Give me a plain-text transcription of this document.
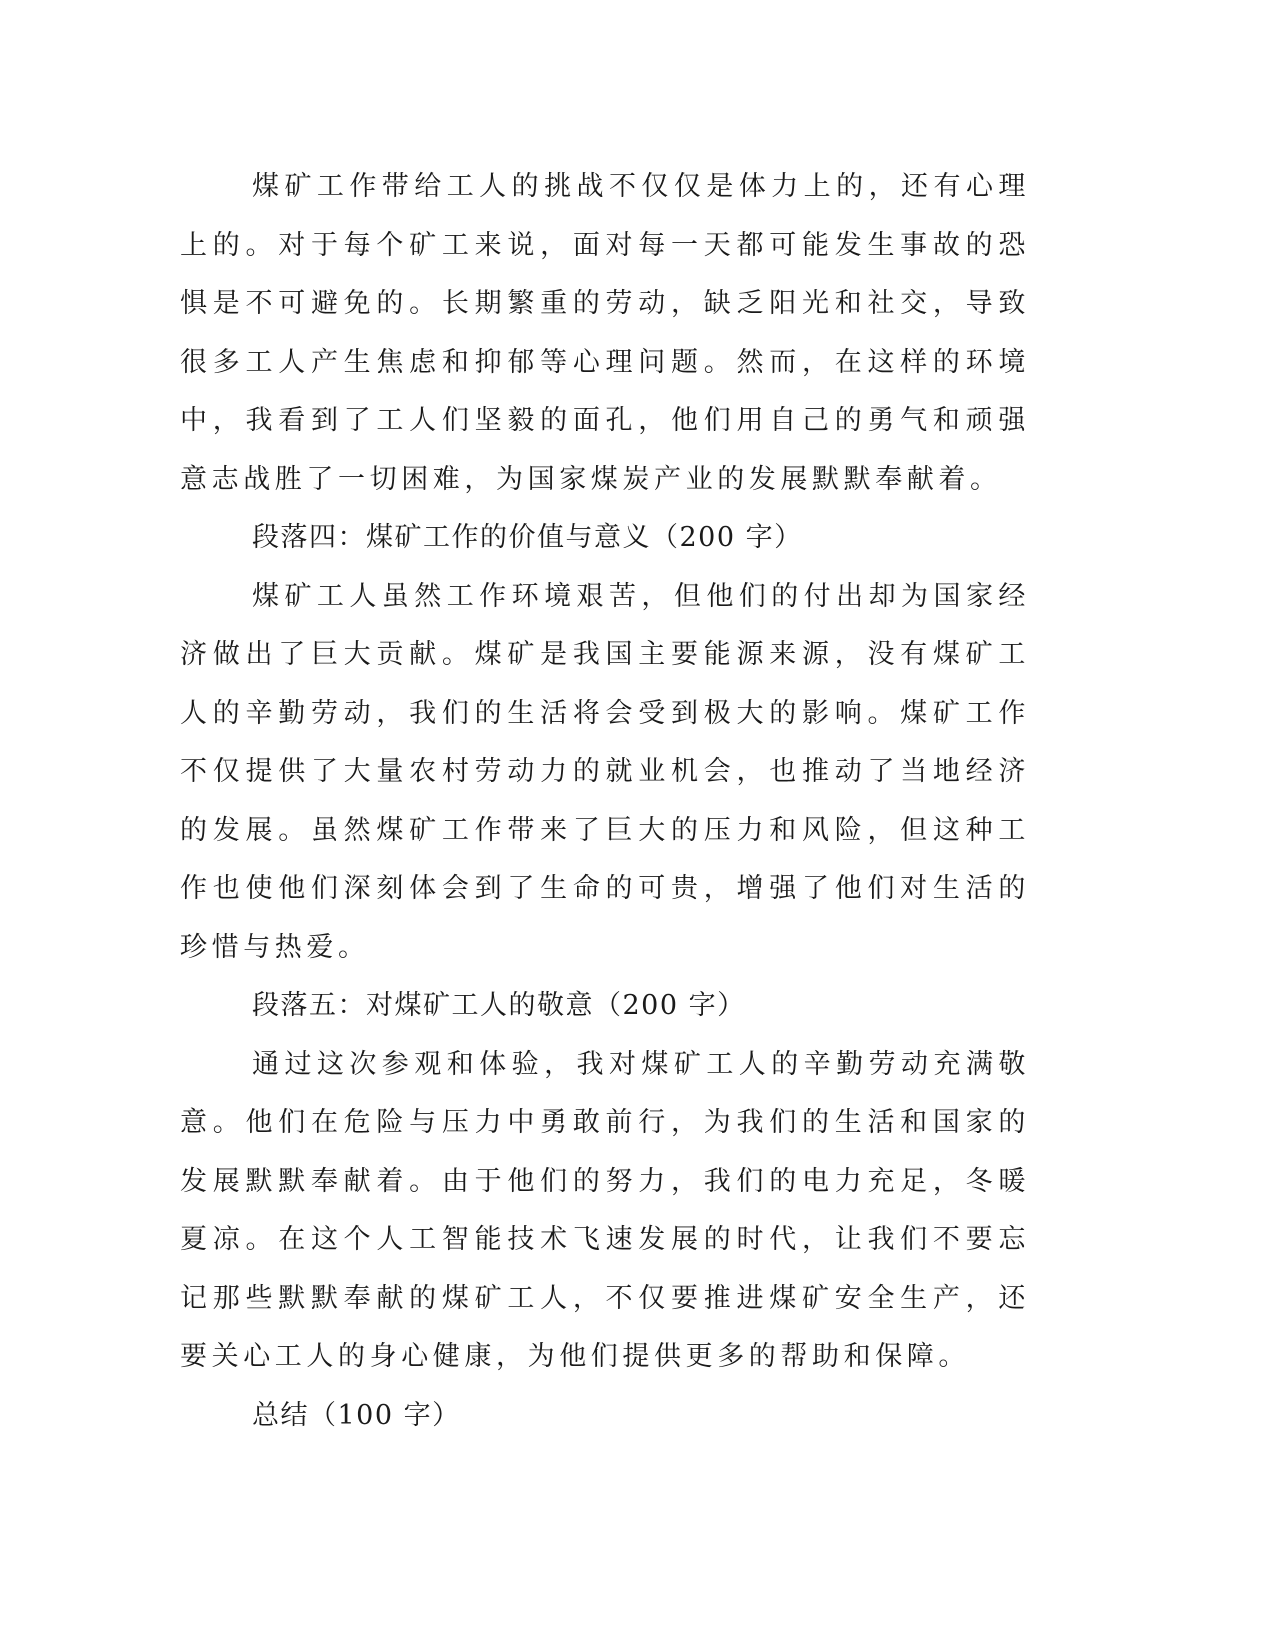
煤矿工作带给工人的挑战不仅仅是体力上的，还有心理上的。对于每个矿工来说，面对每一天都可能发生事故的恐惧是不可避免的。长期繁重的劳动，缺乏阳光和社交，导致很多工人产生焦虑和抑郁等心理问题。然而，在这样的环境中，我看到了工人们坚毅的面孔，他们用自己的勇气和顽强意志战胜了一切困难，为国家煤炭产业的发展默默奉献着。

段落四：煤矿工作的价值与意义（200 字）

煤矿工人虽然工作环境艰苦，但他们的付出却为国家经济做出了巨大贡献。煤矿是我国主要能源来源，没有煤矿工人的辛勤劳动，我们的生活将会受到极大的影响。煤矿工作不仅提供了大量农村劳动力的就业机会，也推动了当地经济的发展。虽然煤矿工作带来了巨大的压力和风险，但这种工作也使他们深刻体会到了生命的可贵，增强了他们对生活的珍惜与热爱。

段落五：对煤矿工人的敬意（200 字）

通过这次参观和体验，我对煤矿工人的辛勤劳动充满敬意。他们在危险与压力中勇敢前行，为我们的生活和国家的发展默默奉献着。由于他们的努力，我们的电力充足，冬暖夏凉。在这个人工智能技术飞速发展的时代，让我们不要忘记那些默默奉献的煤矿工人，不仅要推进煤矿安全生产，还要关心工人的身心健康，为他们提供更多的帮助和保障。

总结（100 字）
